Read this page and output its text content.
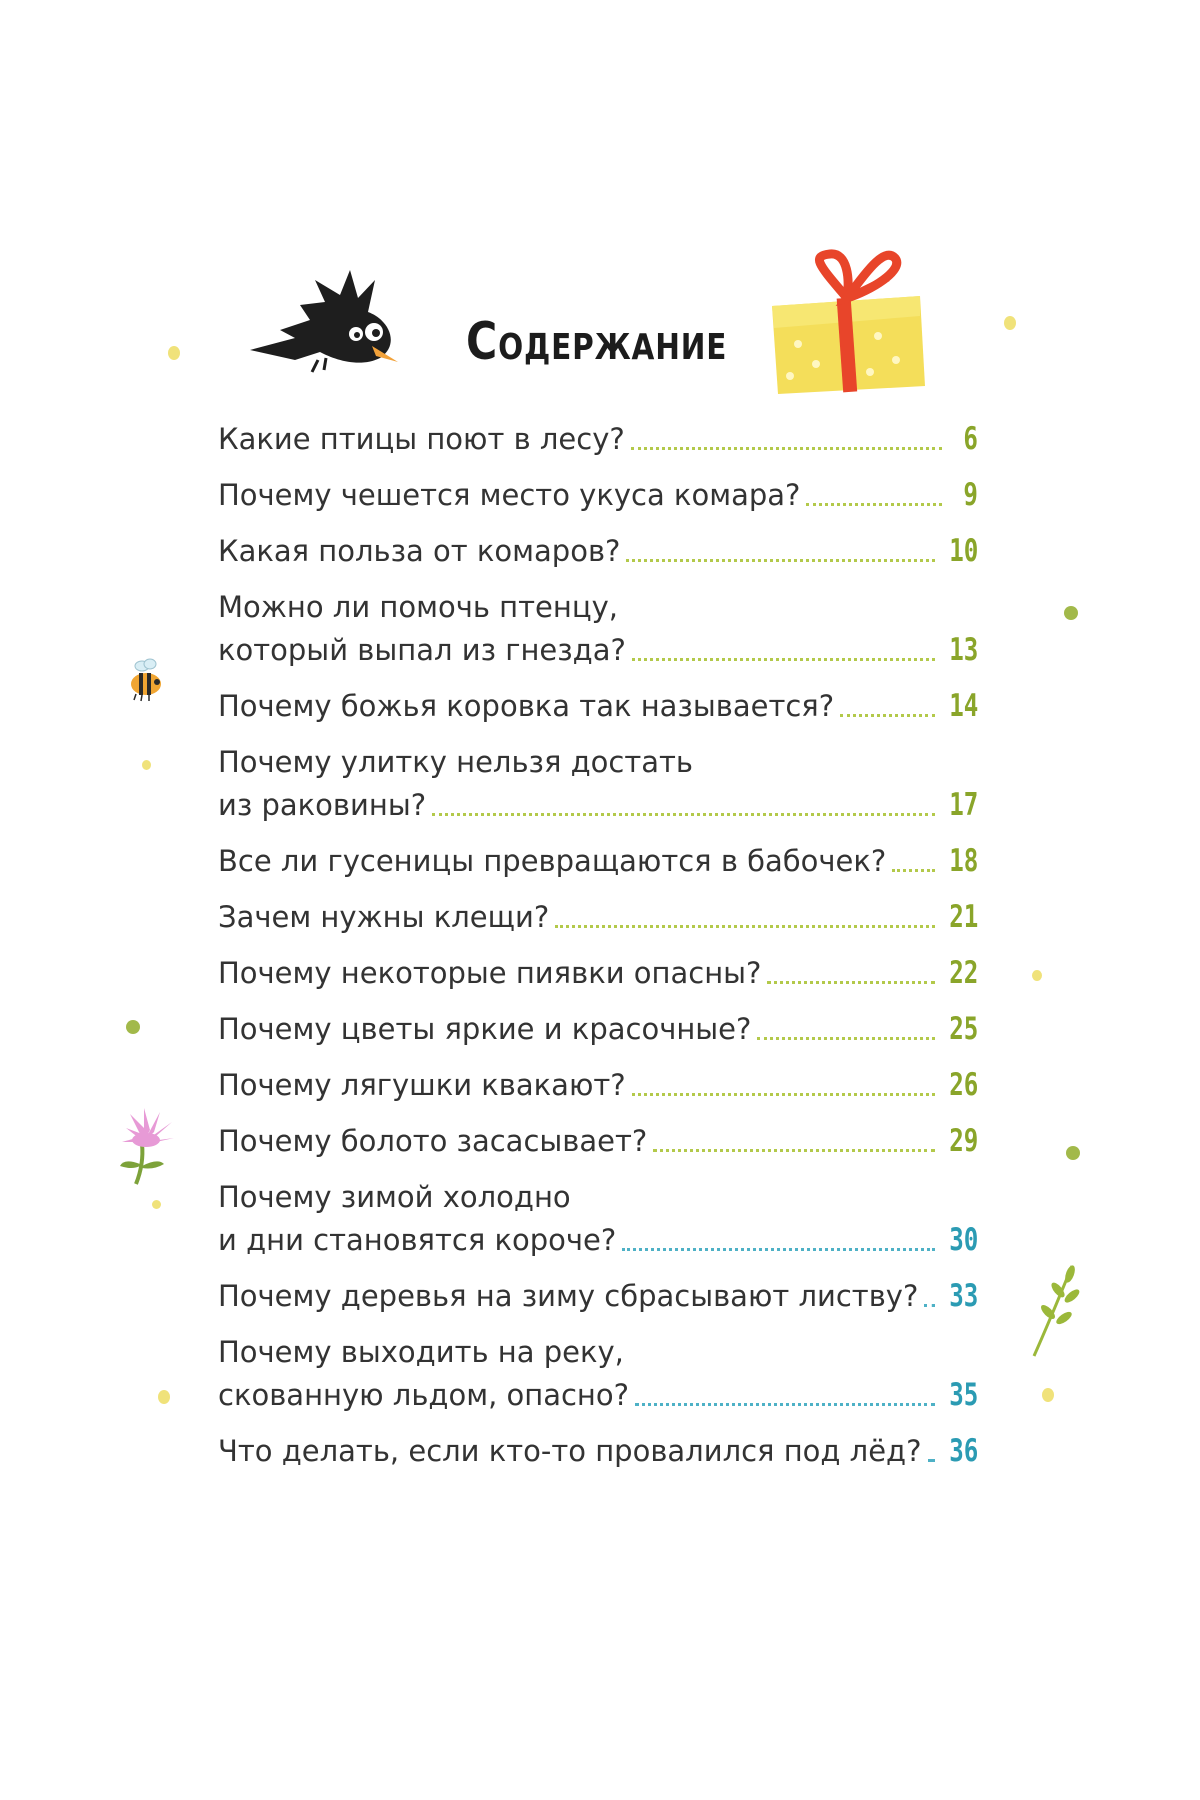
Содержание
Какие птицы поют в лесу?	6
Почему чешется место укуса комара?	9
Какая польза от комаров?	10
Можно ли помочь птенцу,
который выпал из гнезда?	13
Почему божья коровка так называется?	14
Почему улитку нельзя достать
из раковины?	17
Все ли гусеницы превращаются в бабочек? 18
Зачем нужны клещи?	21
Почему некоторые пиявки опасны?	22
Почему цветы яркие и красочные?	25
Почему лягушки квакают?	26
Почему болото засасывает?	29
Почему зимой холодно
и дни становятся короче?	30
Почему деревья на зиму сбрасывают листву? 33
Почему выходить на реку,
скованную льдом, опасно?	35
Что делать, если кто-то провалился под лёд? 36
